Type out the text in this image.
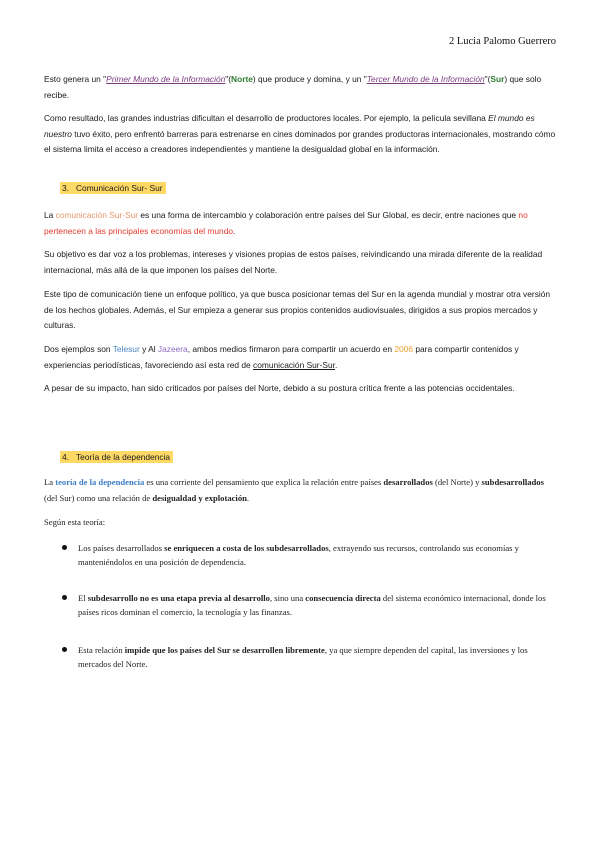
2 Lucia Palomo Guerrero

Esto genera un "Primer Mundo de la Información"(Norte) que produce y domina, y un "Tercer Mundo de la Información"(Sur) que solo recibe.

Como resultado, las grandes industrias dificultan el desarrollo de productores locales. Por ejemplo, la película sevillana El mundo es nuestro tuvo éxito, pero enfrentó barreras para estrenarse en cines dominados por grandes productoras internacionales, mostrando cómo el sistema limita el acceso a creadores independientes y mantiene la desigualdad global en la información.

3. Comunicación Sur- Sur

La comunicación Sur-Sur es una forma de intercambio y colaboración entre países del Sur Global, es decir, entre naciones que no pertenecen a las principales economías del mundo.

Su objetivo es dar voz a los problemas, intereses y visiones propias de estos países, reivindicando una mirada diferente de la realidad internacional, más allá de la que imponen los países del Norte.

Este tipo de comunicación tiene un enfoque político, ya que busca posicionar temas del Sur en la agenda mundial y mostrar otra versión de los hechos globales. Además, el Sur empieza a generar sus propios contenidos audiovisuales, dirigidos a sus propios mercados y culturas.

Dos ejemplos son Telesur y Al Jazeera, ambos medios firmaron para compartir un acuerdo en 2006 para compartir contenidos y experiencias periodísticas, favoreciendo así esta red de comunicación Sur-Sur.

A pesar de su impacto, han sido criticados por países del Norte, debido a su postura crítica frente a las potencias occidentales.

4. Teoría de la dependencia

La teoría de la dependencia es una corriente del pensamiento que explica la relación entre países desarrollados (del Norte) y subdesarrollados (del Sur) como una relación de desigualdad y explotación.

Según esta teoría:

Los países desarrollados se enriquecen a costa de los subdesarrollados, extrayendo sus recursos, controlando sus economías y manteniéndolos en una posición de dependencia.
El subdesarrollo no es una etapa previa al desarrollo, sino una consecuencia directa del sistema económico internacional, donde los países ricos dominan el comercio, la tecnología y las finanzas.
Esta relación impide que los países del Sur se desarrollen libremente, ya que siempre dependen del capital, las inversiones y los mercados del Norte.
